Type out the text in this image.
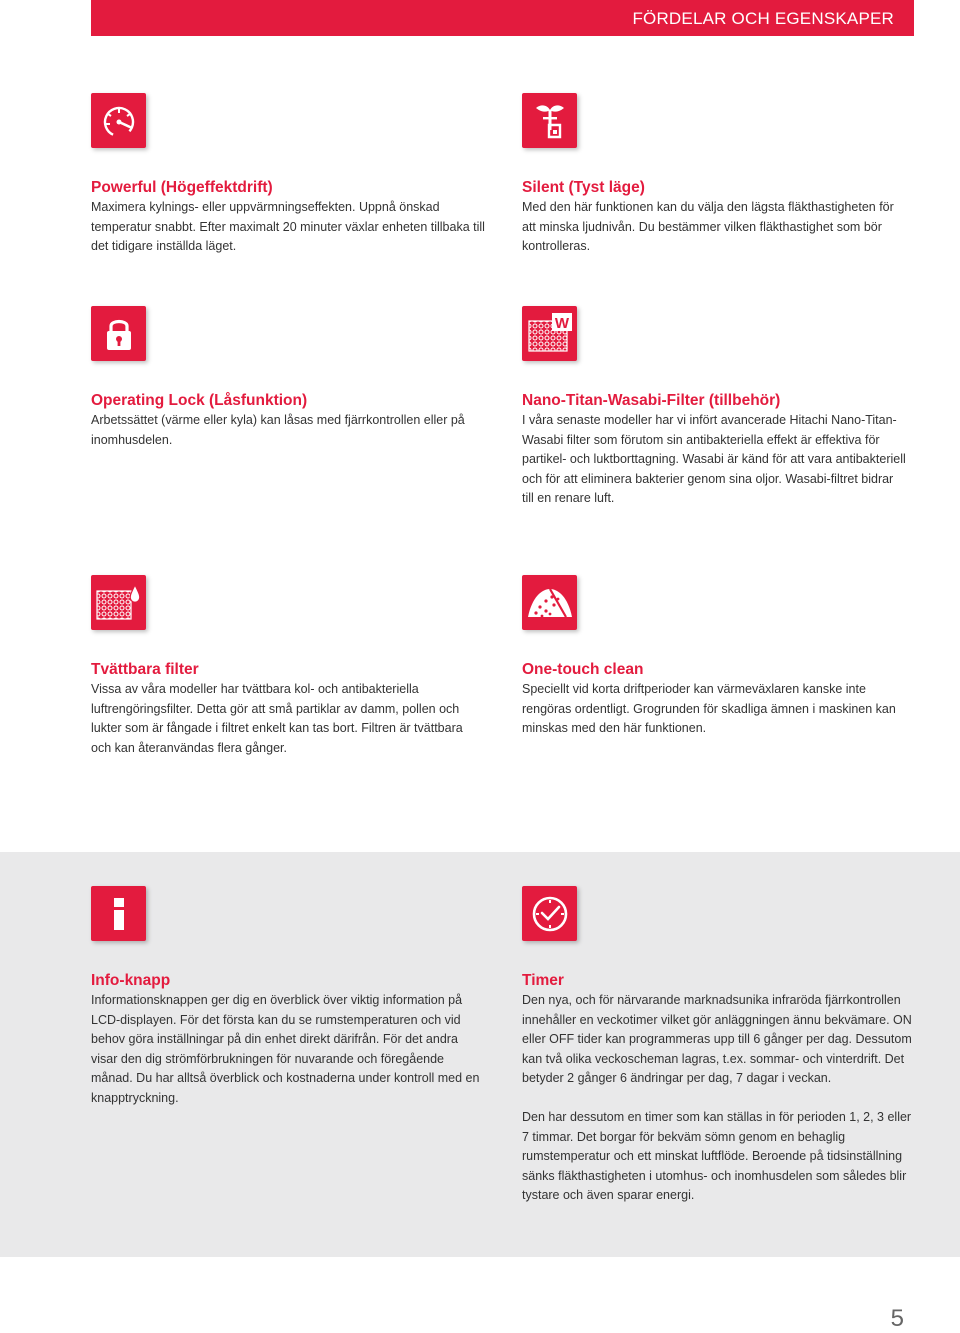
FÖRDELAR OCH EGENSKAPER
Powerful (Högeffektdrift)

Maximera kylnings- eller uppvärmningseffekten. Uppnå önskad temperatur snabbt. Efter maximalt 20 minuter växlar enheten tillbaka till det tidigare inställda läget.

Silent (Tyst läge)

Med den här funktionen kan du välja den lägsta fläkthastigheten för att minska ljudnivån. Du bestämmer vilken fläkthastighet som bör kontrolleras.

Operating Lock (Låsfunktion)

Arbetssättet (värme eller kyla) kan låsas med fjärrkontrollen eller på inomhusdelen.

W
Nano-Titan-Wasabi-Filter (tillbehör)

I våra senaste modeller har vi infört avancerade Hitachi Nano-Titan-Wasabi filter som förutom sin antibakteriella effekt är effektiva för partikel- och luktborttagning. Wasabi är känd för att vara antibakteriell och för att eliminera bakterier genom sina oljor. Wasabi-filtret bidrar till en renare luft.

Tvättbara filter

Vissa av våra modeller har tvättbara kol- och antibakteriella luftrengöringsfilter. Detta gör att små partiklar av damm, pollen och lukter som är fångade i filtret enkelt kan tas bort. Filtren är tvättbara och kan återanvändas flera gånger.

One-touch clean

Speciellt vid korta driftperioder kan värmeväxlaren kanske inte rengöras ordentligt. Grogrunden för skadliga ämnen i maskinen kan minskas med den här funktionen.

Info-knapp

Informationsknappen ger dig en överblick över viktig information på LCD-displayen. För det första kan du se rumstemperaturen och vid behov göra inställningar på din enhet direkt därifrån. För det andra visar den dig strömförbrukningen för nuvarande och föregående månad. Du har alltså överblick och kostnaderna under kontroll med en knapptryckning.

Timer

Den nya, och för närvarande marknadsunika infraröda fjärrkontrollen innehåller en veckotimer vilket gör anläggningen ännu bekvämare. ON eller OFF tider kan programmeras upp till 6 gånger per dag. Dessutom kan två olika veckoscheman lagras, t.ex. sommar- och vinterdrift. Det betyder 2 gånger 6 ändringar per dag, 7 dagar i veckan.

Den har dessutom en timer som kan ställas in för perioden 1, 2, 3 eller 7 timmar. Det borgar för bekväm sömn genom en behaglig rumstemperatur och ett minskat luftflöde. Beroende på tidsinställning sänks fläkthastigheten i utomhus- och inomhusdelen som således blir tystare och även sparar energi.

5
